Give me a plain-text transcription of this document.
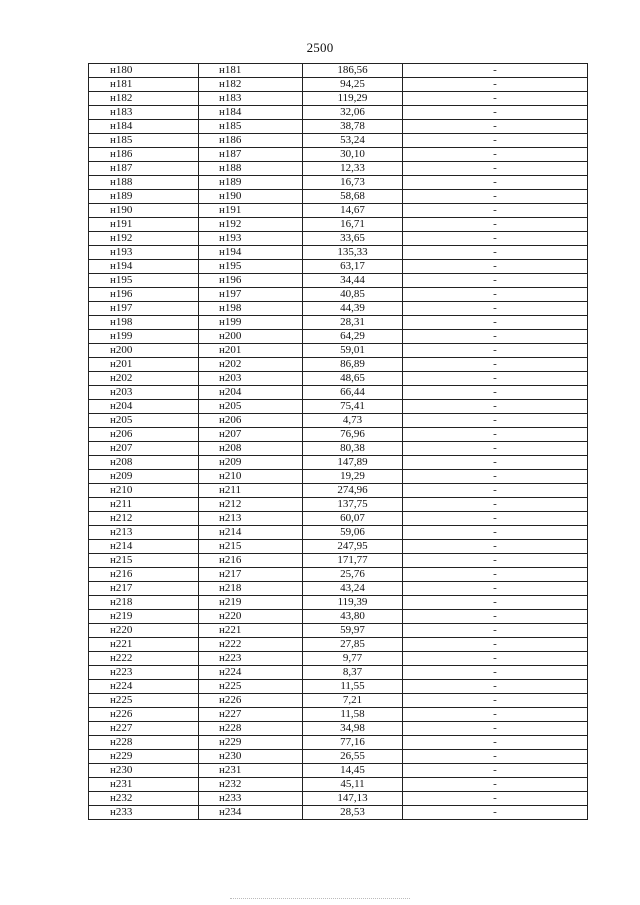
2500
н180	н181	186,56	-
н181	н182	94,25	-
н182	н183	119,29	-
н183	н184	32,06	-
н184	н185	38,78	-
н185	н186	53,24	-
н186	н187	30,10	-
н187	н188	12,33	-
н188	н189	16,73	-
н189	н190	58,68	-
н190	н191	14,67	-
н191	н192	16,71	-
н192	н193	33,65	-
н193	н194	135,33	-
н194	н195	63,17	-
н195	н196	34,44	-
н196	н197	40,85	-
н197	н198	44,39	-
н198	н199	28,31	-
н199	н200	64,29	-
н200	н201	59,01	-
н201	н202	86,89	-
н202	н203	48,65	-
н203	н204	66,44	-
н204	н205	75,41	-
н205	н206	4,73	-
н206	н207	76,96	-
н207	н208	80,38	-
н208	н209	147,89	-
н209	н210	19,29	-
н210	н211	274,96	-
н211	н212	137,75	-
н212	н213	60,07	-
н213	н214	59,06	-
н214	н215	247,95	-
н215	н216	171,77	-
н216	н217	25,76	-
н217	н218	43,24	-
н218	н219	119,39	-
н219	н220	43,80	-
н220	н221	59,97	-
н221	н222	27,85	-
н222	н223	9,77	-
н223	н224	8,37	-
н224	н225	11,55	-
н225	н226	7,21	-
н226	н227	11,58	-
н227	н228	34,98	-
н228	н229	77,16	-
н229	н230	26,55	-
н230	н231	14,45	-
н231	н232	45,11	-
н232	н233	147,13	-
н233	н234	28,53	-
